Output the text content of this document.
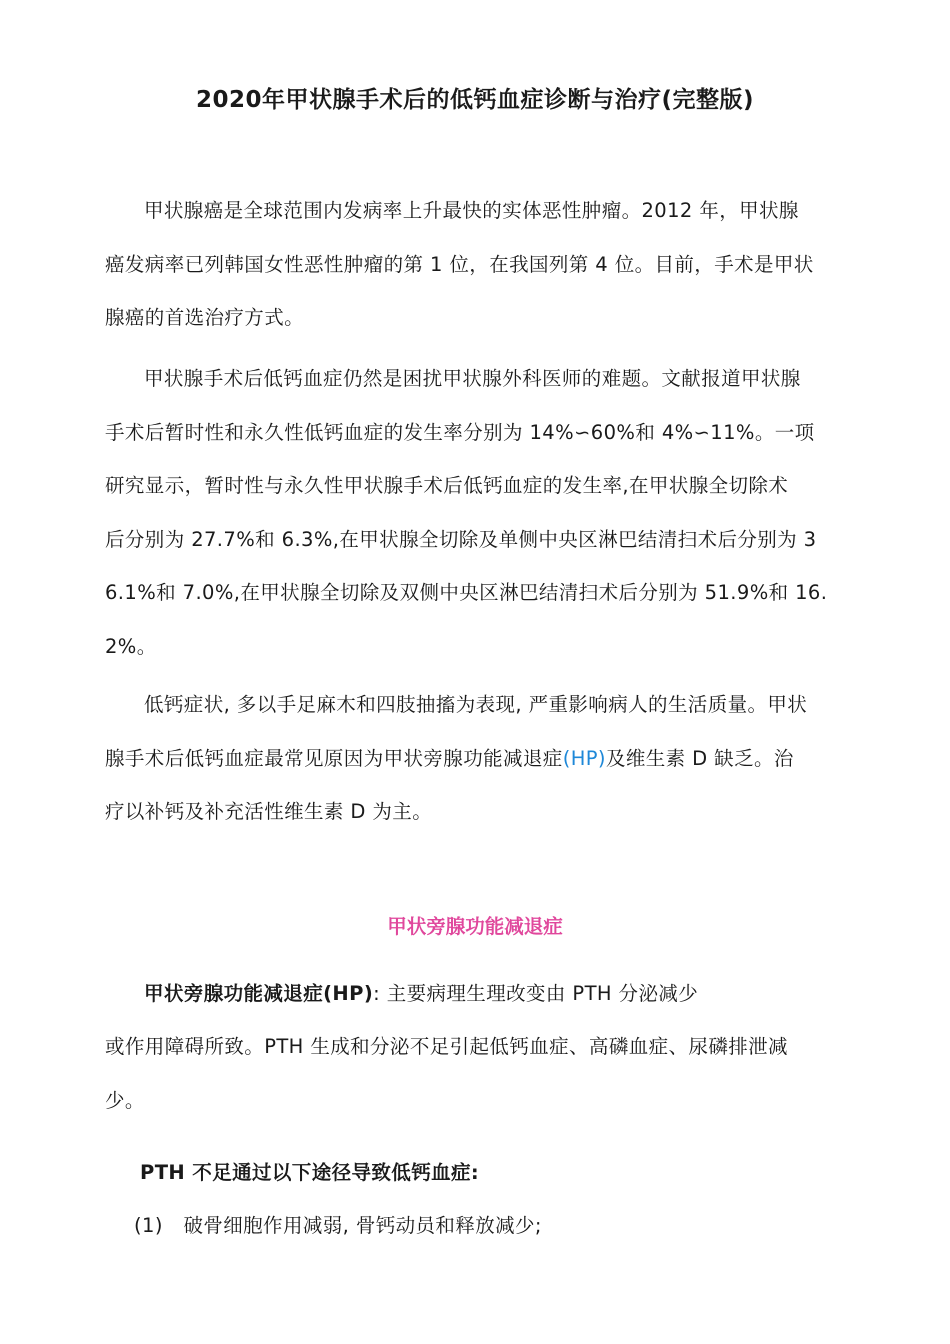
2020年甲状腺手术后的低钙血症诊断与治疗(完整版)
甲状腺癌是全球范围内发病率上升最快的实体恶性肿瘤。2012 年，甲状腺
癌发病率已列韩国女性恶性肿瘤的第 1 位，在我国列第 4 位。目前，手术是甲状
腺癌的首选治疗方式。
甲状腺手术后低钙血症仍然是困扰甲状腺外科医师的难题。文献报道甲状腺
手术后暂时性和永久性低钙血症的发生率分别为 14%∽60%和 4%∽11%。一项
研究显示，暂时性与永久性甲状腺手术后低钙血症的发生率,在甲状腺全切除术
后分别为 27.7%和 6.3%,在甲状腺全切除及单侧中央区淋巴结清扫术后分别为 3
6.1%和 7.0%,在甲状腺全切除及双侧中央区淋巴结清扫术后分别为 51.9%和 16.
2%。
低钙症状, 多以手足麻木和四肢抽搐为表现, 严重影响病人的生活质量。甲状
腺手术后低钙血症最常见原因为甲状旁腺功能减退症(HP)及维生素 D 缺乏。治
疗以补钙及补充活性维生素 D 为主。
甲状旁腺功能减退症
甲状旁腺功能减退症(HP): 主要病理生理改变由 PTH 分泌减少
或作用障碍所致。PTH 生成和分泌不足引起低钙血症、高磷血症、尿磷排泄减
少。
PTH 不足通过以下途径导致低钙血症:
(1) 破骨细胞作用减弱, 骨钙动员和释放减少;
